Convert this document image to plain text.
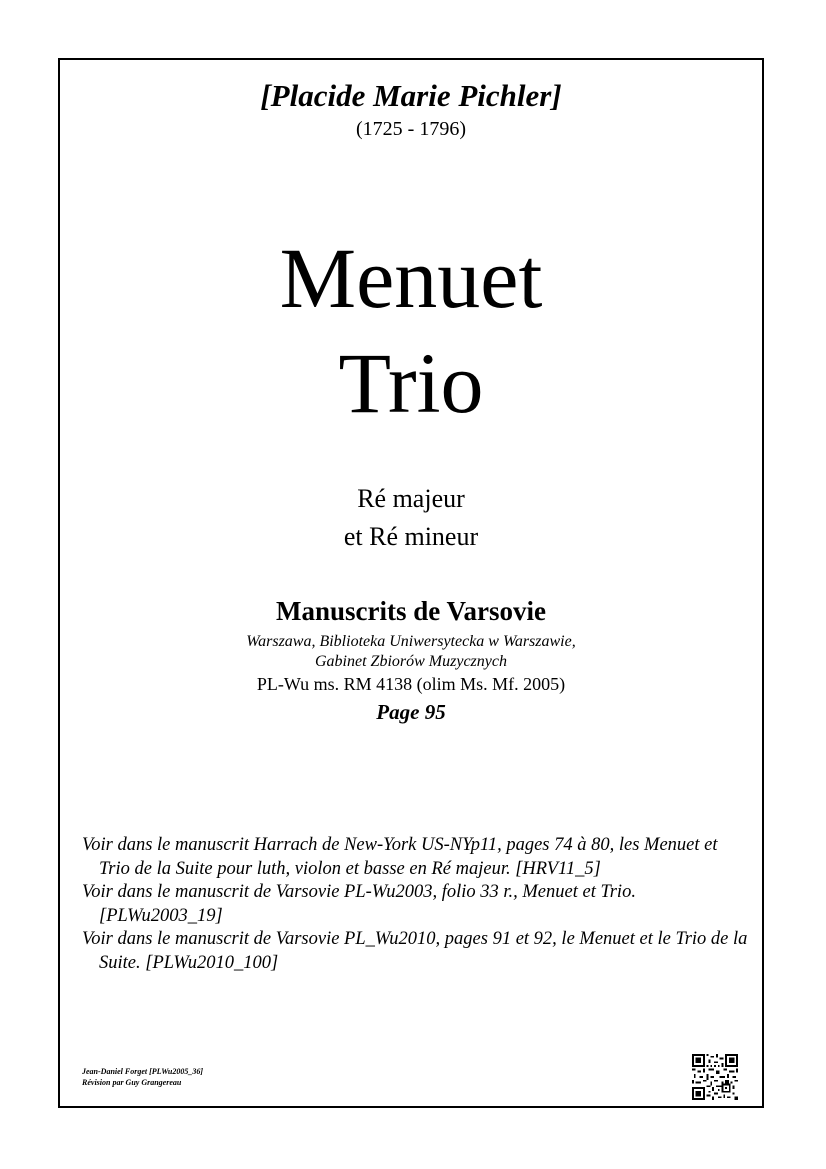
[Placide Marie Pichler]
(1725 - 1796)
Menuet
Trio
Ré majeur
et Ré mineur
Manuscrits de Varsovie
Warszawa, Biblioteka Uniwersytecka w Warszawie,
Gabinet Zbiorów Muzycznych
PL-Wu ms. RM 4138 (olim Ms. Mf. 2005)
Page 95

Voir dans le manuscrit Harrach de New-York US-NYp11, pages 74 à 80, les Menuet et Trio de la Suite pour luth, violon et basse en Ré majeur. [HRV11_5]

Voir dans le manuscrit de Varsovie PL-Wu2003, folio 33 r., Menuet et Trio. [PLWu2003_19]

Voir dans le manuscrit de Varsovie PL_Wu2010, pages 91 et 92, le Menuet et le Trio de la Suite. [PLWu2010_100]

Jean-Daniel Forget [PLWu2005_36]
Révision par Guy Grangereau
